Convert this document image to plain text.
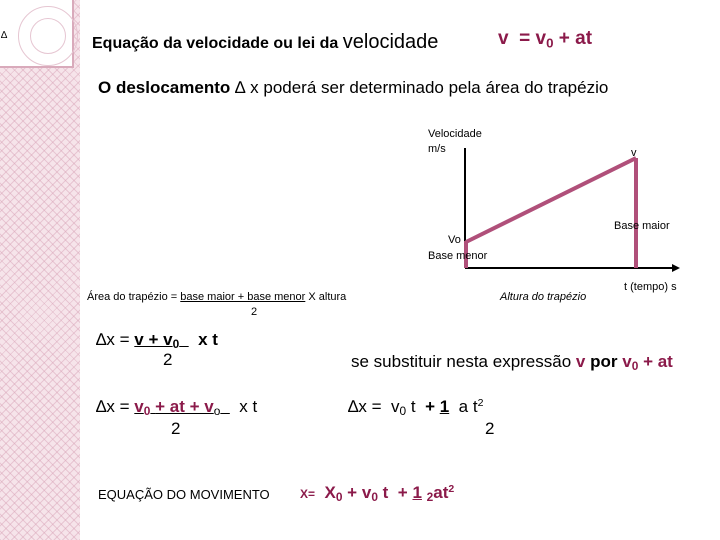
∆	Equação da velocidade ou lei da velocidade	$v = v_0$ + at
O deslocamento ∆ x poderá ser determinado pela área do trapézio
Velocidade
m/s	v
Base maior
Vo
Base menor
Altura do trapézio
t (tempo) s
Área do trapézio = base maior + base menor X altura
2
$\Delta x = v + v_0$ x t
2	se substituir nesta expressão v por $v_0$ + at
$\Delta x = v_0$ + at + $v_o$ x t
2
$\Delta x = v_0$ t + 1 a $t^2$
2
EQUAÇÃO DO MOVIMENTO	$X= X_0 + v_0$ t + 1 $_2at^2$
